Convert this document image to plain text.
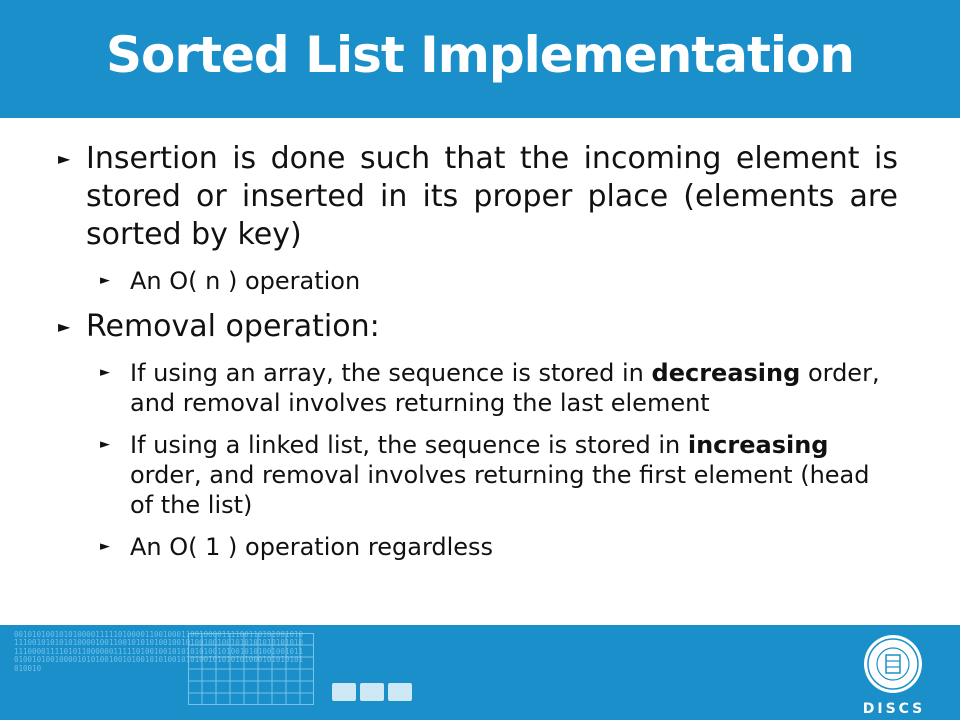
Sorted List Implementation
► Insertion is done such that the incoming element is stored or inserted in its proper place (elements are sorted by key)
► An O( n ) operation
► Removal operation:
► If using an array, the sequence is stored in decreasing order, and removal involves returning the last element
► If using a linked list, the sequence is stored in increasing order, and removal involves returning the first element (head of the list)
► An O( 1 ) operation regardless
0010101001010100001111101000011001000110010000111100110101001010111001010101010000100110010101010010010100100100101010101010101011100001111010110000001111101001001010101010010100101010010010110100101001000010101001001010010101001010100101010101000101010101010010
DISCS
